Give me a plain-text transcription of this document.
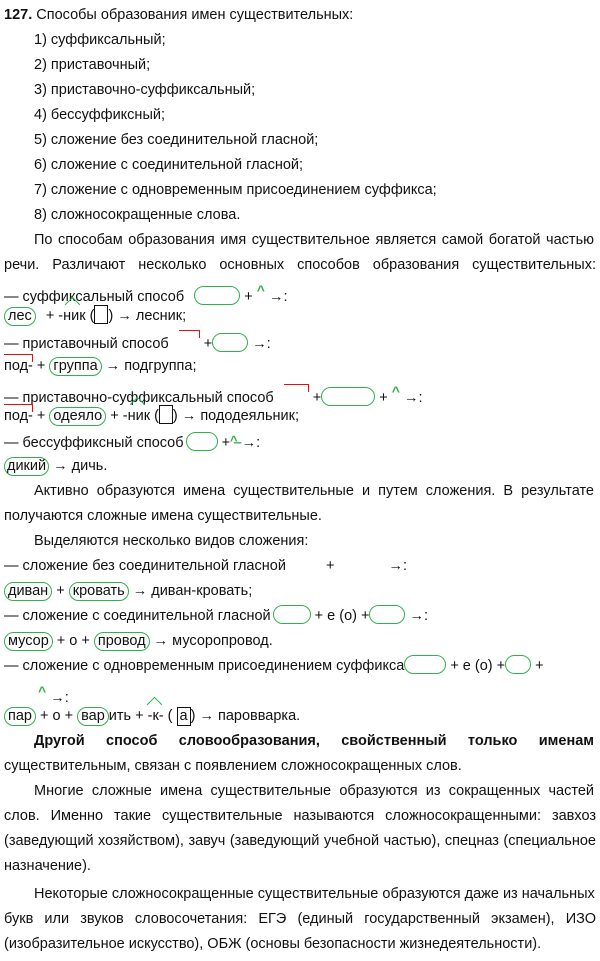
127. Способы образования имен существительных:
1) суффиксальный;
2) приставочный;
3) приставочно-суффиксальный;
4) бессуффиксный;
5) сложение без соединительной гласной;
6) сложение с соединительной гласной;
7) сложение с одновременным присоединением суффикса;
8) сложносокращенные слова.
По способам образования имя существительное является самой богатой частью
речи. Различают несколько основных способов образования существительных:
— суффиксальный способ	+ ^ →:
лес + -ник ( ) → лесник;
— приставочный способ +	→:
под- + группа → подгруппа;
— приставочно-суффиксальный способ	+	+ ^ →:
под- + одеяло + -ник ( ) → пододеяльник;
— бессуффиксный способ	+^̶ →:
дикий → дичь.
Активно образуются имена существительные и путем сложения. В результате
получаются сложные имена существительные.
Выделяются несколько видов сложения:
— сложение без соединительной гласной	+	→:
диван + кровать → диван-кровать;
— сложение с соединительной гласной	+ е (о) +	→:
мусор + о + провод → мусоропровод.
— сложение с одновременным присоединением суффикса	+ е (о) + +
^ →:
пар + о + вар ить + -к- ( а ) → паровварка.
Другой способ словообразования, свойственный только именам
существительным, связан с появлением сложносокращенных слов.
Многие сложные имена существительные образуются из сокращенных частей
слов. Именно такие существительные называются сложносокращенными: завхоз
(заведующий хозяйством), завуч (заведующий учебной частью), спецназ (специальное
назначение).
Некоторые сложносокращенные существительные образуются даже из начальных
букв или звуков словосочетания: ЕГЭ (единый государственный экзамен), ИЗО
(изобразительное искусство), ОБЖ (основы безопасности жизнедеятельности).
